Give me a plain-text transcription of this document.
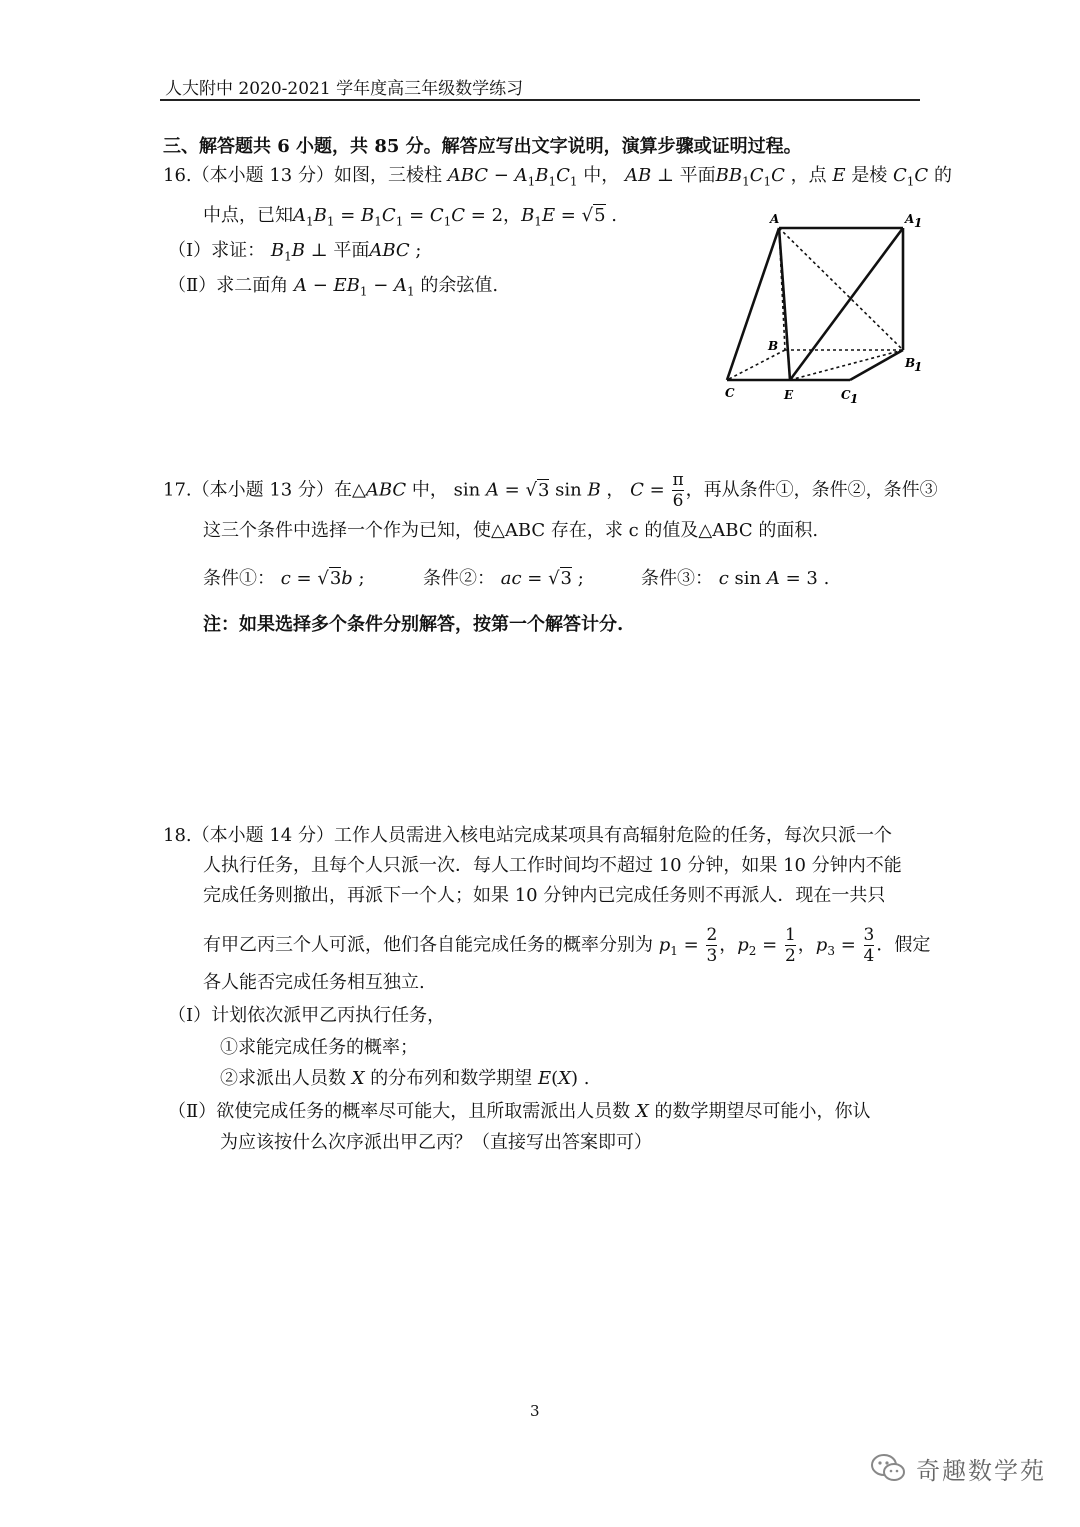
人大附中 2020-2021 学年度高三年级数学练习
三、解答题共 6 小题，共 85 分。解答应写出文字说明，演算步骤或证明过程。
16.（本小题 13 分）如图，三棱柱 ABC − $A_1B_1C_1$ 中， AB ⊥ 平面$BB_1C_1C$ ，点 E 是棱 $C_1C$ 的
中点，已知$A_1B_1 = B_1C_1 = C_1C = 2$，$B_1E = √5$ .
（Ⅰ）求证： $B_1B$ ⊥ 平面ABC ;
（Ⅱ）求二面角 $A - EB_1 - A_1$ 的余弦值.
A	A 1
B
B
1
C	E	C 1
17.（本小题 13 分）在△ABC 中， sin A = √3 sin B ， $C = \frac{\pi}{6}$ ，再从条件①，条件②，条件③
这三个条件中选择一个作为已知，使△ABC 存在，求 c 的值及△ABC 的面积.
条件①： c = √3b ;	条件②： ac = √3 ;	条件③： c sin A = 3 .
注：如果选择多个条件分别解答，按第一个解答计分.
18.（本小题 14 分）工作人员需进入核电站完成某项具有高辐射危险的任务，每次只派一个
人执行任务，且每个人只派一次．每人工作时间均不超过 10 分钟，如果 10 分钟内不能
完成任务则撤出，再派下一个人；如果 10 分钟内已完成任务则不再派人．现在一共只
有甲乙丙三个人可派，他们各自能完成任务的概率分别为 $p_1 = \frac{2}{3}$ ，$p_2 = \frac{1}{2}$ ，$p_3 = \frac{3}{4}$ ．假定
各人能否完成任务相互独立.
（Ⅰ）计划依次派甲乙丙执行任务，
①求能完成任务的概率；
②求派出人员数 X 的分布列和数学期望 E(X) .
（Ⅱ）欲使完成任务的概率尽可能大，且所取需派出人员数 X 的数学期望尽可能小，你认
为应该按什么次序派出甲乙丙？（直接写出答案即可）
3
奇趣数学苑
